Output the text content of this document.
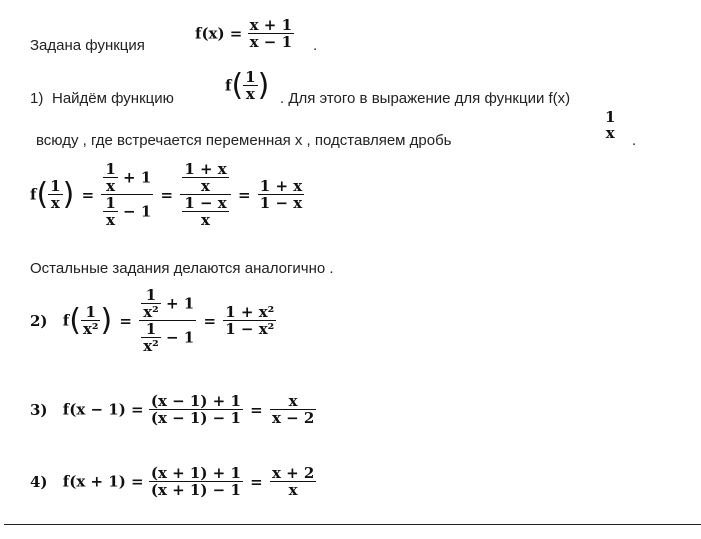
Задана функция
$f(x) = \frac{x + 1}{x - 1}$ .
1) Найдём функцию
$f( \frac{1}{x}$ ) . Для этого в выражение для функции f(x)
всюду , где встречается переменная x , подставляем дробь
1
x .
$f( \frac{1}{x}$ ) = $\frac{\frac{1}{x} + 1}{\frac{1}{x} - 1} = \frac{\frac{1 + x}{x}}{\frac{1 - x}{x}} = \frac{1 + x}{1 - x}$
Остальные задания делаются аналогично .
2) $f( \frac{1}{\text{x²}}$ ) = $\frac{\frac{1}{\text{x²}} + 1}{\frac{1}{\text{x²}} - 1} = \frac{\text{1 + x²}}{\text{1 − x²}}$
3) $f(x - 1) = \frac{(x - 1) + 1}{(x - 1) - 1} = \frac{x}{x - 2}$
4) $f(x + 1) = \frac{(x + 1) + 1}{(x + 1) - 1} = \frac{x + 2}{x}$
